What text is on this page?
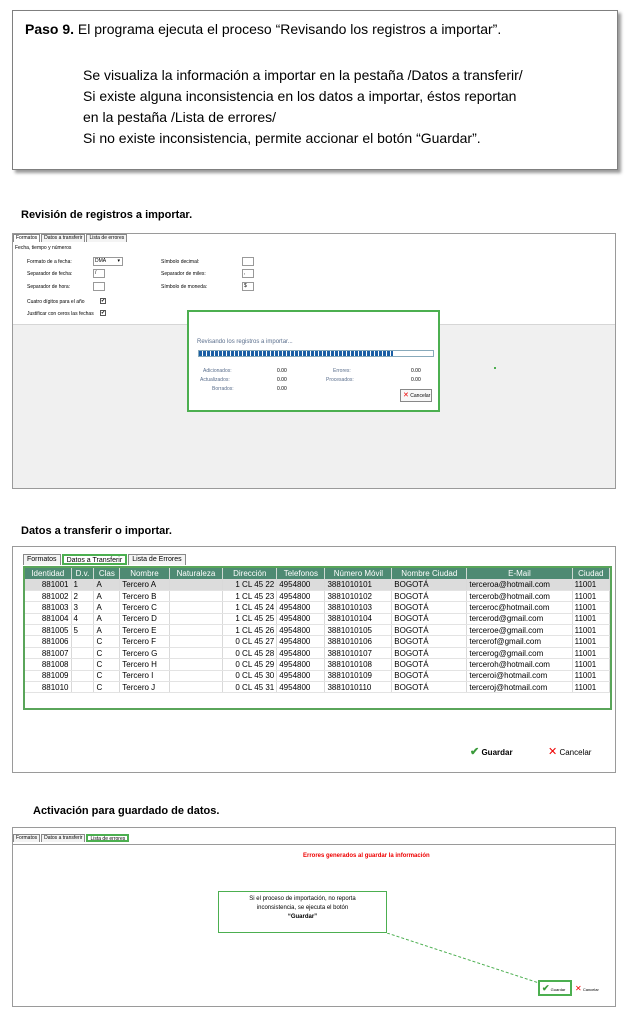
Paso 9. El programa ejecuta el proceso “Revisando los registros a importar”.
Se visualiza la información a importar en la pestaña /Datos a transferir/
Si existe alguna inconsistencia en los datos a importar, éstos reportan
en la pestaña /Lista de errores/
Si no existe inconsistencia, permite accionar el botón “Guardar”.
Revisión de registros a importar.
Formatos	Datos a transferir	Lista de errores
Fecha, tiempo y números
Formato de a fecha:	DMA ▾
Separador de fecha:	/
Separador de hora:
Cuatro dígitos para el año	✔
Justificar con ceros las fechas ✔
Símbolo decimal:
Separador de miles:	,
Símbolo de moneda:	$
Revisando los registros a importar...
Adicionados:	0.00
Actualizados:	0.00
Borrados:	0.00
Errores:	0.00
Procesados:	0.00
✕ Cancelar
Datos a transferir o importar.
Formatos	Datos a Transferir	Lista de Errores
Identidad	D.v.	Clas	Nombre	Naturaleza	Dirección	Telefonos	Número Móvil	Nombre Ciudad	E-Mail	Ciudad
881001	1	A	Tercero A		1 CL 45 22	4954800	3881010101	BOGOTÁ	terceroa@hotmail.com	11001
881002	2	A	Tercero B		1 CL 45 23	4954800	3881010102	BOGOTÁ	tercerob@hotmail.com	11001
881003	3	A	Tercero C		1 CL 45 24	4954800	3881010103	BOGOTÁ	terceroc@hotmail.com	11001
881004	4	A	Tercero D		1 CL 45 25	4954800	3881010104	BOGOTÁ	tercerod@gmail.com	11001
881005	5	A	Tercero E		1 CL 45 26	4954800	3881010105	BOGOTÁ	terceroe@gmail.com	11001
881006		C	Tercero F		0 CL 45 27	4954800	3881010106	BOGOTÁ	tercerof@gmail.com	11001
881007		C	Tercero G		0 CL 45 28	4954800	3881010107	BOGOTÁ	tercerog@gmail.com	11001
881008		C	Tercero H		0 CL 45 29	4954800	3881010108	BOGOTÁ	terceroh@hotmail.com	11001
881009		C	Tercero I		0 CL 45 30	4954800	3881010109	BOGOTÁ	terceroi@hotmail.com	11001
881010		C	Tercero J		0 CL 45 31	4954800	3881010110	BOGOTÁ	terceroj@hotmail.com	11001
✔ Guardar	✕ Cancelar
Activación para guardado de datos.
Formatos	Datos a transferir	Lista de errores
Errores generados al guardar la información
Si el proceso de importación, no reporta
inconsistencia, se ejecuta el botón
“Guardar”
✔ Guardar	✕ Cancelar
